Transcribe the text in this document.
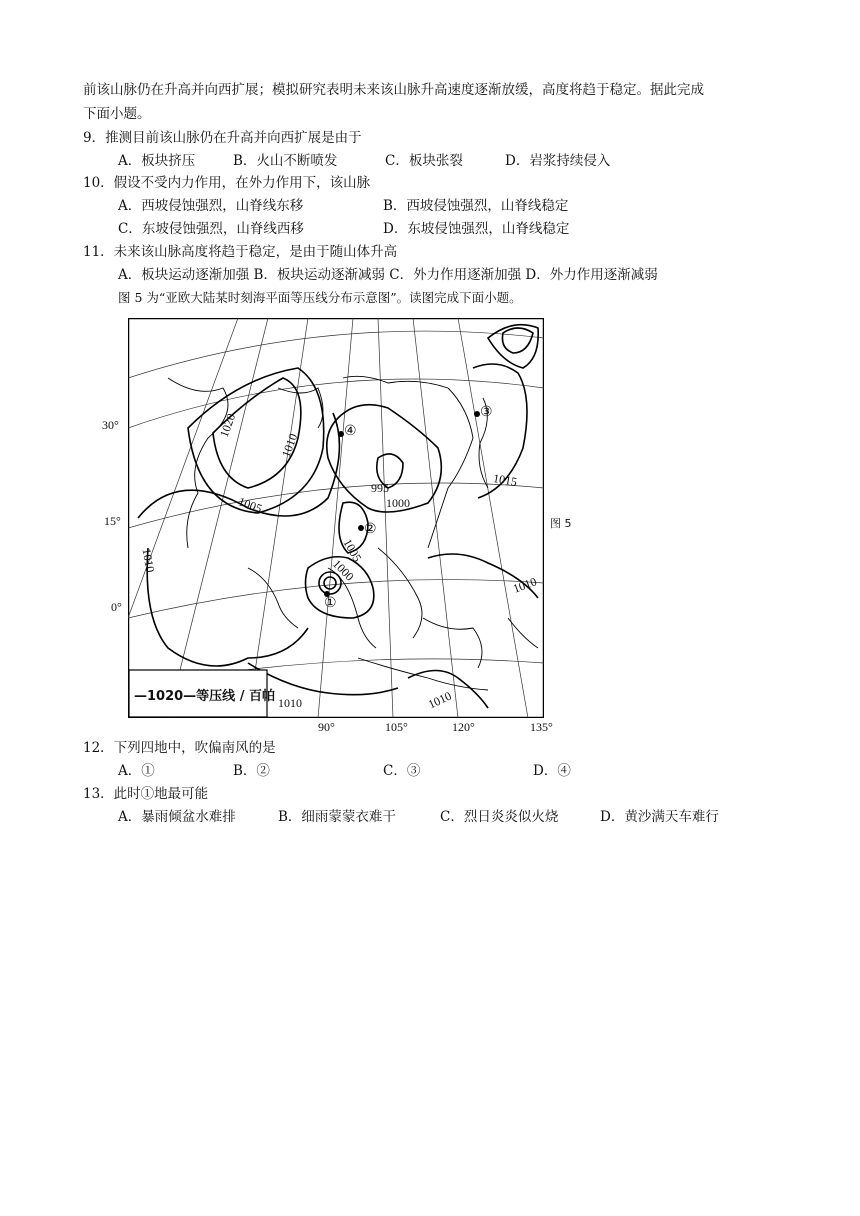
前该山脉仍在升高并向西扩展；模拟研究表明未来该山脉升高速度逐渐放缓，高度将趋于稳定。据此完成
下面小题。
9．推测目前该山脉仍在升高并向西扩展是由于
A．板块挤压	B．火山不断喷发	C．板块张裂	D．岩浆持续侵入
10．假设不受内力作用，在外力作用下，该山脉
A．西坡侵蚀强烈，山脊线东移	B．西坡侵蚀强烈，山脊线稳定
C．东坡侵蚀强烈，山脊线西移	D．东坡侵蚀强烈，山脊线稳定
11．未来该山脉高度将趋于稳定，是由于随山体升高
A．板块运动逐渐加强 B．板块运动逐渐减弱 C．外力作用逐渐加强 D．外力作用逐渐减弱
图 5 为“亚欧大陆某时刻海平面等压线分布示意图”。读图完成下面小题。
30°
15°
0°
1020
1010
1005
995
1000
1005
1000
1015
1010
1010
1010	1010
①
②
③
④
—1020—等压线 / 百帕
图 5
90°	105°	120°	135°
12．下列四地中，吹偏南风的是
A．①	B．②	C．③	D．④
13．此时①地最可能
A．暴雨倾盆水难排	B．细雨蒙蒙衣难干	C．烈日炎炎似火烧	D．黄沙满天车难行
